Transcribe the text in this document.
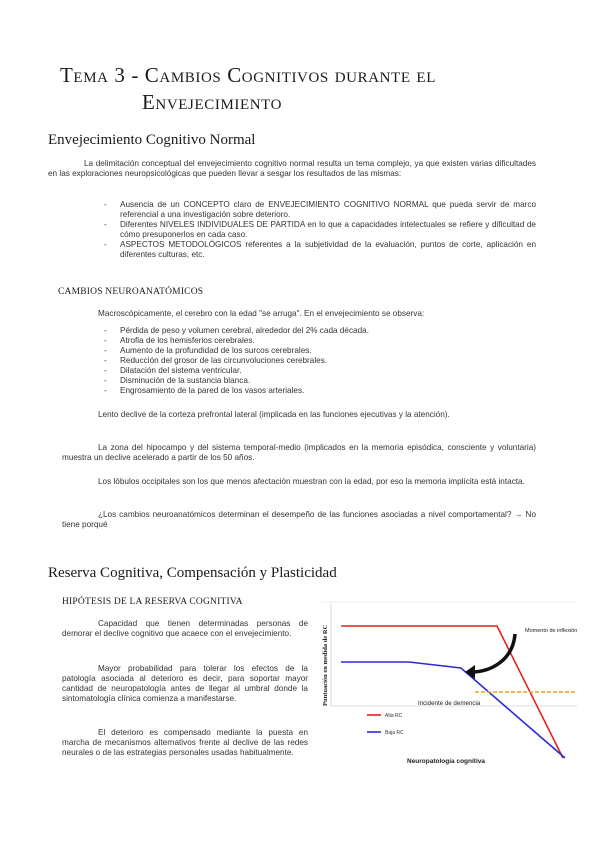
Tema 3 - Cambios Cognitivos durante el
Envejecimiento
Envejecimiento Cognitivo Normal
La delimitación conceptual del envejecimiento cognitivo normal resulta un tema complejo, ya que existen varias dificultades en las exploraciones neuropsicológicas que pueden llevar a sesgar los resultados de las mismas:
- Ausencia de un CONCEPTO claro de ENVEJECIMIENTO COGNITIVO NORMAL que pueda servir de marco referencial a una investigación sobre deterioro.
- Diferentes NIVELES INDIVIDUALES DE PARTIDA en lo que a capacidades intelectuales se refiere y dificultad de cómo presuponerlos en cada caso.
- ASPECTOS METODOLÓGICOS referentes a la subjetividad de la evaluación, puntos de corte, aplicación en diferentes culturas, etc.
CAMBIOS NEUROANATÓMICOS
Macroscópicamente, el cerebro con la edad "se arruga". En el envejecimiento se observa:
- Pérdida de peso y volumen cerebral, alrededor del 2% cada década.
- Atrofia de los hemisferios cerebrales.
- Aumento de la profundidad de los surcos cerebrales.
- Reducción del grosor de las circunvoluciones cerebrales.
- Dilatación del sistema ventricular.
- Disminución de la sustancia blanca.
- Engrosamiento de la pared de los vasos arteriales.
Lento declive de la corteza prefrontal lateral (implicada en las funciones ejecutivas y la atención).
La zona del hipocampo y del sistema temporal-medio (implicados en la memoria episódica, consciente y voluntaria) muestra un declive acelerado a partir de los 50 años.
Los lóbulos occipitales son los que menos afectación muestran con la edad, por eso la memoria implícita está intacta.
¿Los cambios neuroanatómicos determinan el desempeño de las funciones asociadas a nivel comportamental? → No tiene porqué
Reserva Cognitiva, Compensación y Plasticidad
HIPÓTESIS DE LA RESERVA COGNITIVA
Capacidad que tienen determinadas personas de demorar el declive cognitivo que acaece con el envejecimiento.
Mayor probabilidad para tolerar los efectos de la patología asociada al deterioro es decir, para soportar mayor cantidad de neuropatología antes de llegar al umbral donde la sintomatología clínica comienza a manifestarse.
El deterioro es compensado mediante la puesta en marcha de mecanismos alternativos frente al declive de las redes neurales o de las estrategias personales usadas habitualmente.
Alta RC
Baja RC
Incidente de demencia
Momento de inflexión
Puntuación en medida de RC
Neuropatología cognitiva
